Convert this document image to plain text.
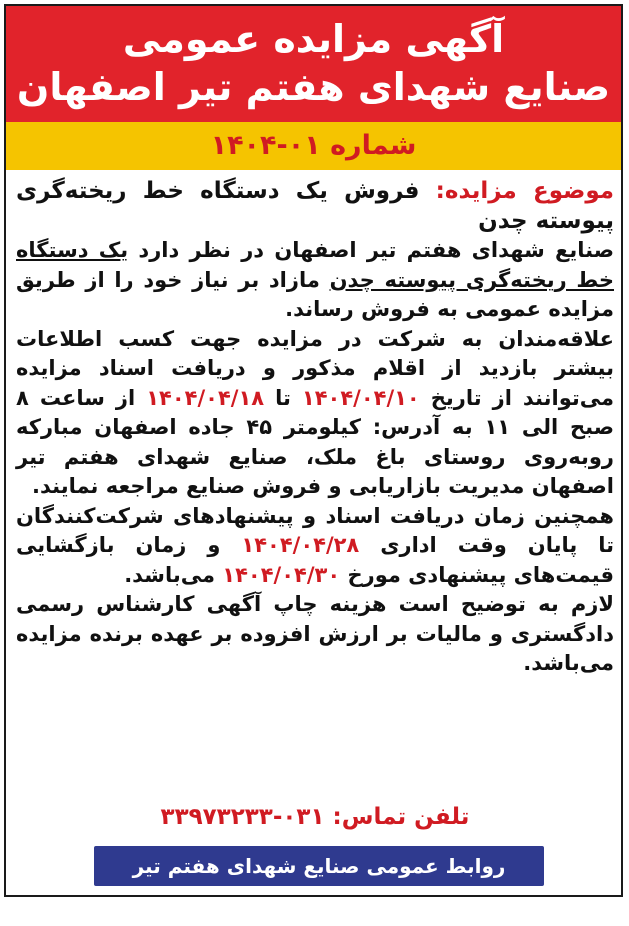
آگهی مزایده عمومی
صنایع شهدای هفتم تیر اصفهان
شماره ۰۱-۱۴۰۴

موضوع مزایده: فروش یک دستگاه خط ریخته‌گری پیوسته چدن

صنایع شهدای هفتم تیر اصفهان در نظر دارد یک دستگاه خط ریخته‌گری پیوسته چدن مازاد بر نیاز خود را از طریق مزایده عمومی به فروش رساند.

علاقه‌مندان به شرکت در مزایده جهت کسب اطلاعات بیشتر بازدید از اقلام مذکور و دریافت اسناد مزایده می‌توانند از تاریخ ۱۴۰۴/۰۴/۱۰ تا ۱۴۰۴/۰۴/۱۸ از ساعت ۸ صبح الی ۱۱ به آدرس: کیلومتر ۴۵ جاده اصفهان مبارکه روبه‌روی روستای باغ ملک، صنایع شهدای هفتم تیر اصفهان مدیریت بازاریابی و فروش صنایع مراجعه نمایند.

همچنین زمان دریافت اسناد و پیشنهادهای شرکت‌کنندگان تا پایان وقت اداری ۱۴۰۴/۰۴/۲۸ و زمان بازگشایی قیمت‌های پیشنهادی مورخ ۱۴۰۴/۰۴/۳۰ می‌باشد.

لازم به توضیح است هزینه چاپ آگهی کارشناس رسمی دادگستری و مالیات بر ارزش افزوده بر عهده برنده مزایده می‌باشد.

تلفن تماس: ۰۳۱-۳۳۹۷۳۲۳۳
روابط عمومی صنایع شهدای هفتم تیر اصفهان
